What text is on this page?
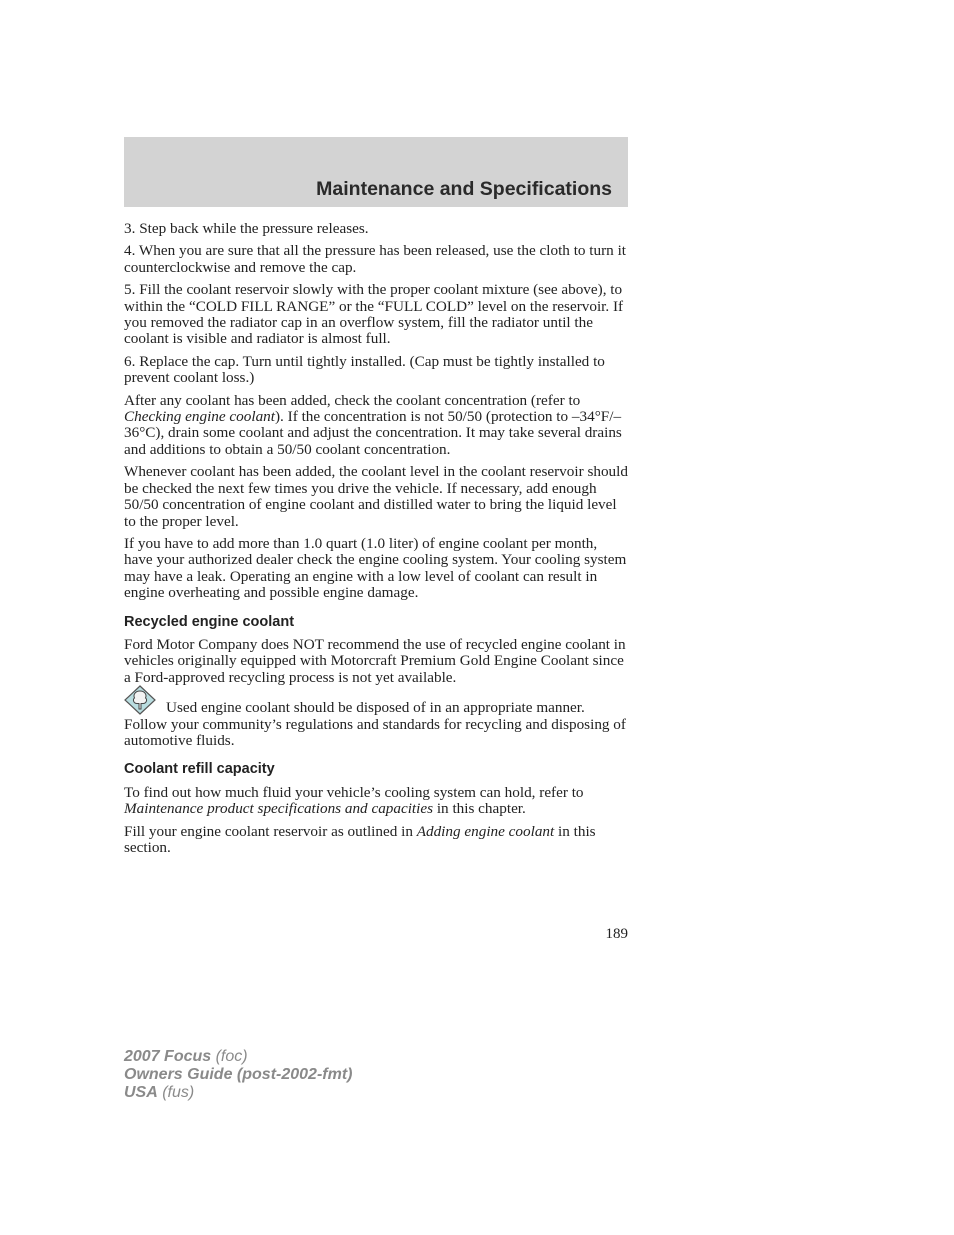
Maintenance and Specifications

3. Step back while the pressure releases.

4. When you are sure that all the pressure has been released, use the cloth to turn it counterclockwise and remove the cap.

5. Fill the coolant reservoir slowly with the proper coolant mixture (see above), to within the “COLD FILL RANGE” or the “FULL COLD” level on the reservoir. If you removed the radiator cap in an overflow system, fill the radiator until the coolant is visible and radiator is almost full.

6. Replace the cap. Turn until tightly installed. (Cap must be tightly installed to prevent coolant loss.)

After any coolant has been added, check the coolant concentration (refer to Checking engine coolant). If the concentration is not 50/50 (protection to –34°F/–36°C), drain some coolant and adjust the concentration. It may take several drains and additions to obtain a 50/50 coolant concentration.

Whenever coolant has been added, the coolant level in the coolant reservoir should be checked the next few times you drive the vehicle. If necessary, add enough 50/50 concentration of engine coolant and distilled water to bring the liquid level to the proper level.

If you have to add more than 1.0 quart (1.0 liter) of engine coolant per month, have your authorized dealer check the engine cooling system. Your cooling system may have a leak. Operating an engine with a low level of coolant can result in engine overheating and possible engine damage.

Recycled engine coolant

Ford Motor Company does NOT recommend the use of recycled engine coolant in vehicles originally equipped with Motorcraft Premium Gold Engine Coolant since a Ford-approved recycling process is not yet available.

Used engine coolant should be disposed of in an appropriate manner. Follow your community’s regulations and standards for recycling and disposing of automotive fluids.

Coolant refill capacity

To find out how much fluid your vehicle’s cooling system can hold, refer to Maintenance product specifications and capacities in this chapter.

Fill your engine coolant reservoir as outlined in Adding engine coolant in this section.

189
2007 Focus (foc)
Owners Guide (post-2002-fmt)
USA (fus)
